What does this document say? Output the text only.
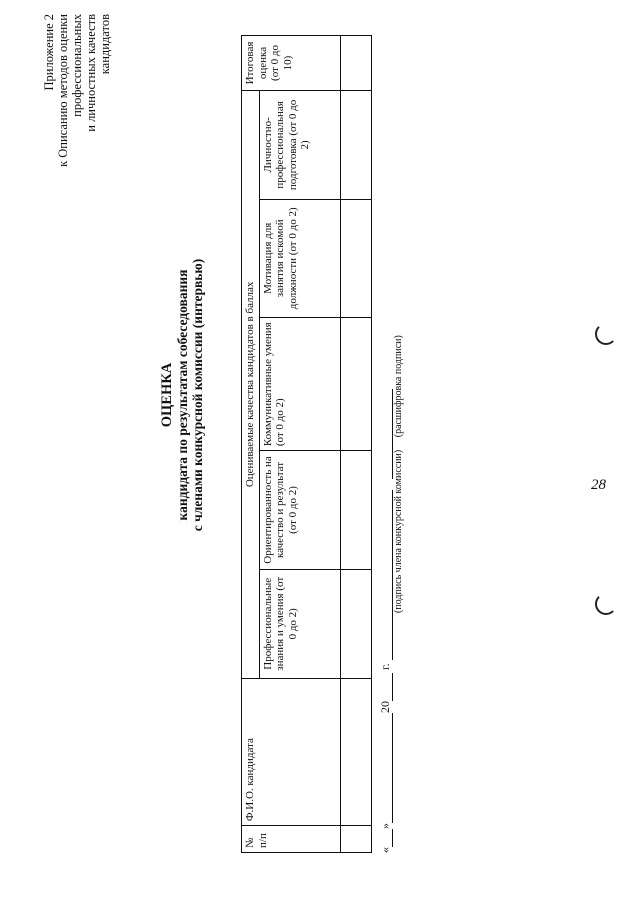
Приложение 2 к Описанию методов оценки профессиональных и личностных качеств кандидатов
28
ОЦЕНКА кандидата по результатам собеседования с членами конкурсной комиссии (интервью)
№ п/п	Ф.И.О. кандидата	Оцениваемые качества кандидатов в баллах					Итоговая оценка (от 0 до 10)
		Профессиональные знания и умения (от 0 до 2)	Ориентированность на качество и результат (от 0 до 2)	Коммуникативные умения (от 0 до 2)	Мотивация для занятия искомой должности (от 0 до 2)	Личностно-профессиональная подготовка (от 0 до 2)	

«»20 г.
(подпись члена конкурсной комиссии) (расшифровка подписи)
